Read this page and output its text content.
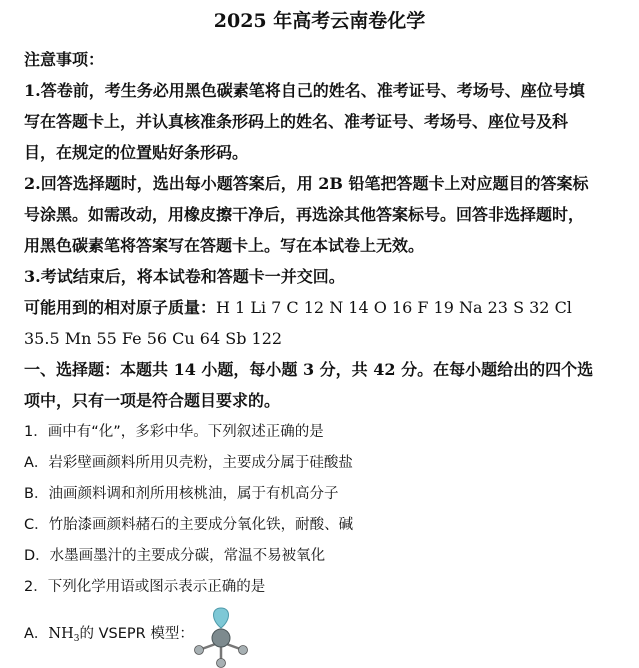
2025 年高考云南卷化学
注意事项：
1.答卷前，考生务必用黑色碳素笔将自己的姓名、准考证号、考场号、座位号填
写在答题卡上，并认真核准条形码上的姓名、准考证号、考场号、座位号及科
目，在规定的位置贴好条形码。
2.回答选择题时，选出每小题答案后，用 2B 铅笔把答题卡上对应题目的答案标
号涂黑。如需改动，用橡皮擦干净后，再选涂其他答案标号。回答非选择题时，
用黑色碳素笔将答案写在答题卡上。写在本试卷上无效。
3.考试结束后，将本试卷和答题卡一并交回。
可能用到的相对原子质量：H 1 Li 7 C 12 N 14 O 16 F 19 Na 23 S 32 Cl
35.5 Mn 55 Fe 56 Cu 64 Sb 122
一、选择题：本题共 14 小题，每小题 3 分，共 42 分。在每小题给出的四个选
项中，只有一项是符合题目要求的。
1．画中有“化”，多彩中华。下列叙述正确的是
A．岩彩壁画颜料所用贝壳粉，主要成分属于硅酸盐
B．油画颜料调和剂所用核桃油，属于有机高分子
C．竹胎漆画颜料赭石的主要成分氧化铁，耐酸、碱
D．水墨画墨汁的主要成分碳，常温不易被氧化
2．下列化学用语或图示表示正确的是
A．$NH_3$的 VSEPR 模型：
